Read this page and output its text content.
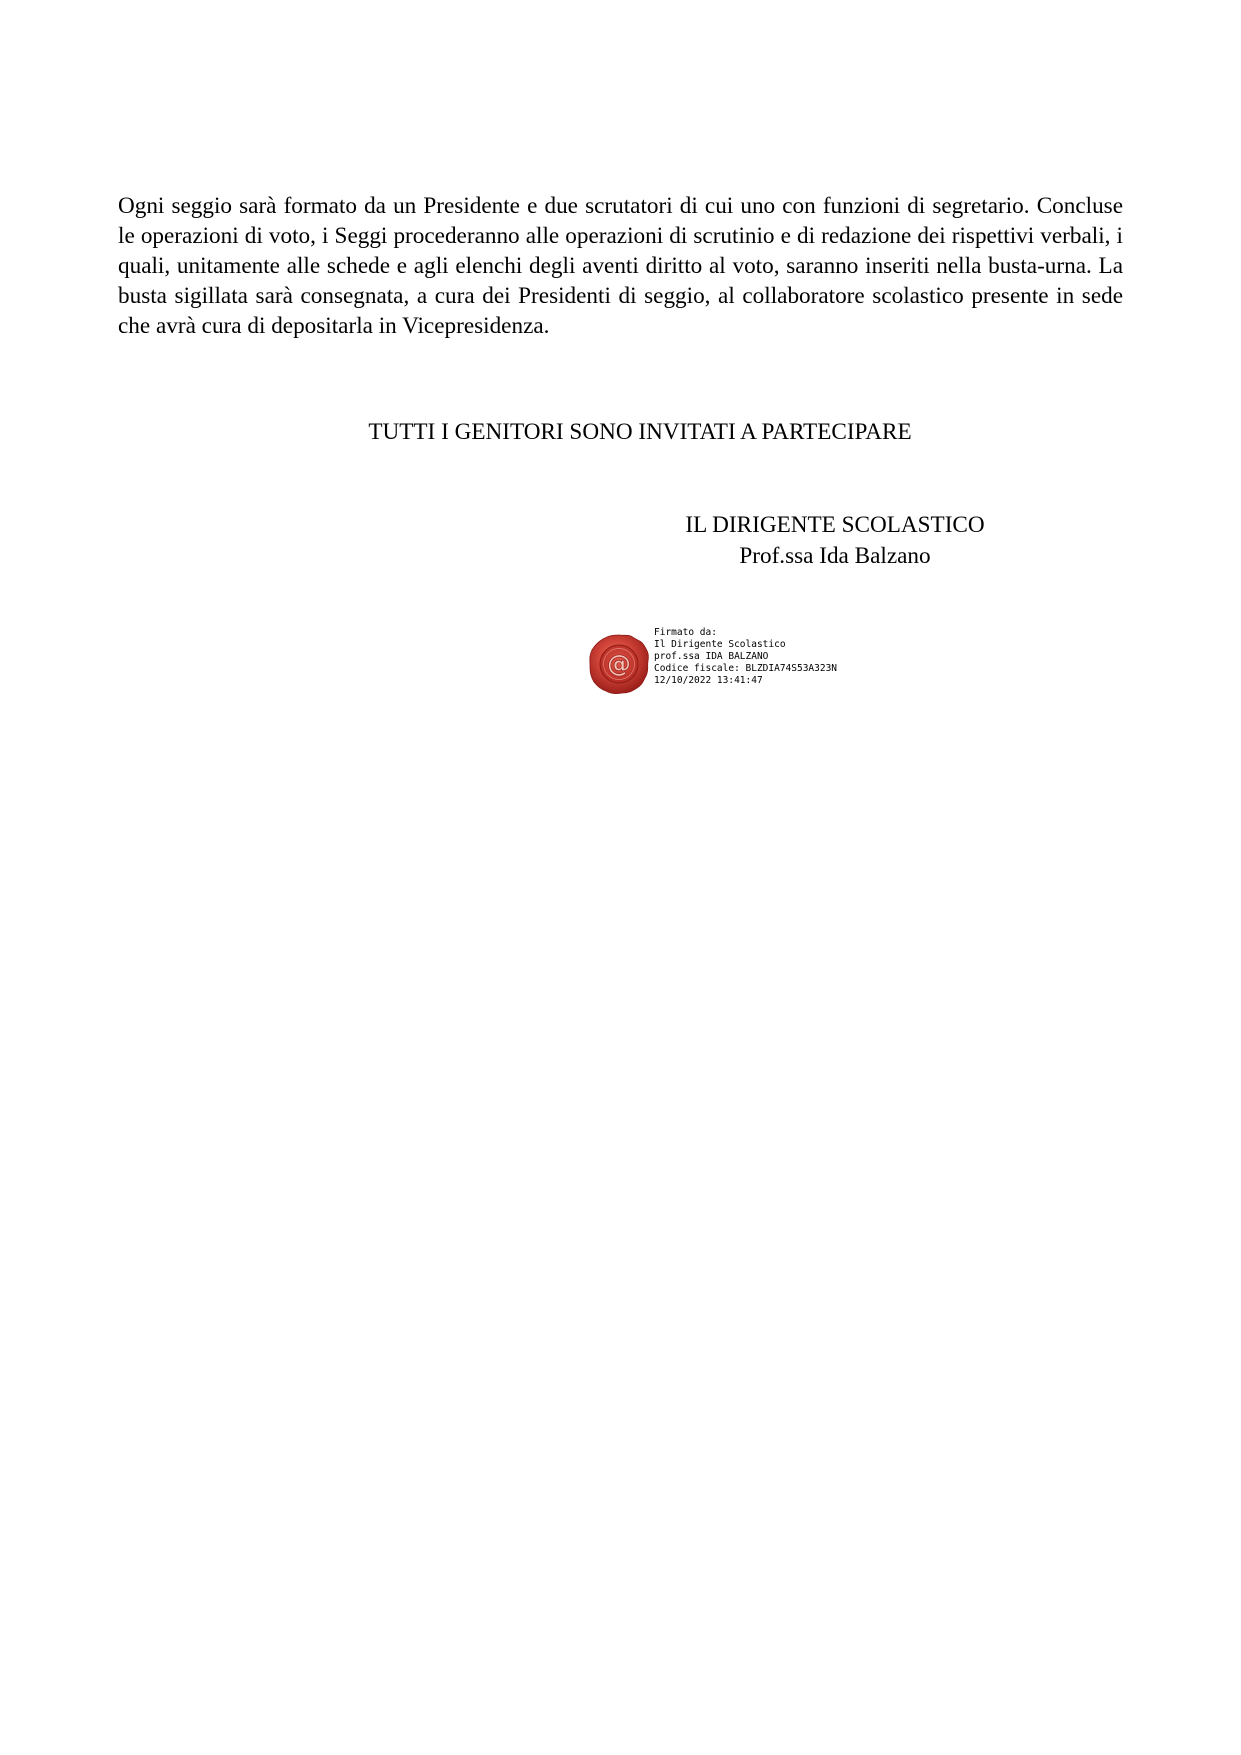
Ogni seggio sarà formato da un Presidente e due scrutatori di cui uno con funzioni di segretario. Concluse le operazioni di voto, i Seggi procederanno alle operazioni di scrutinio e di redazione dei rispettivi verbali, i quali, unitamente alle schede e agli elenchi degli aventi diritto al voto, saranno inseriti nella busta-urna. La busta sigillata sarà consegnata, a cura dei Presidenti di seggio, al collaboratore scolastico presente in sede che avrà cura di depositarla in Vicepresidenza.

TUTTI I GENITORI SONO INVITATI A PARTECIPARE

IL DIRIGENTE SCOLASTICO
Prof.ssa Ida Balzano
@
Firmato da:
Il Dirigente Scolastico
prof.ssa IDA BALZANO
Codice fiscale: BLZDIA74S53A323N
12/10/2022 13:41:47
